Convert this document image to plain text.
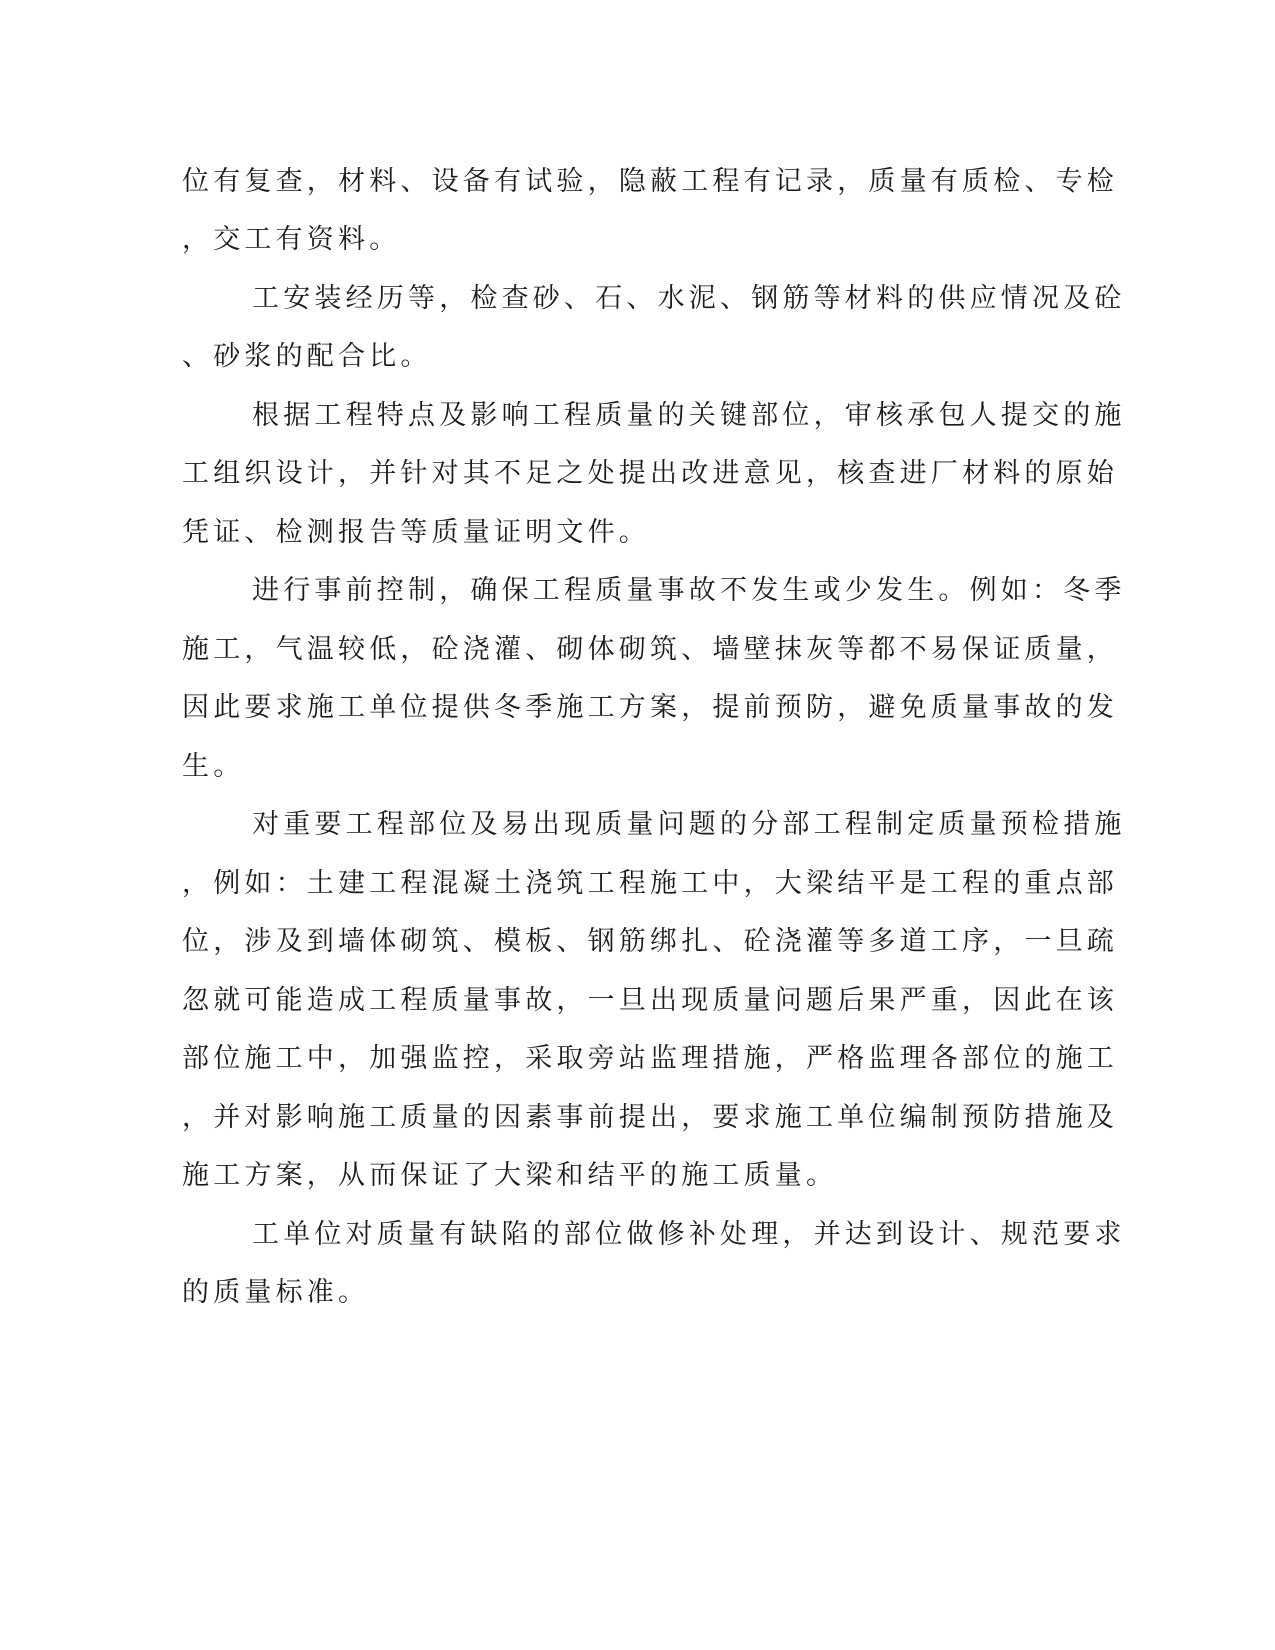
位有复查，材料、设备有试验，隐蔽工程有记录，质量有质检、专检
，交工有资料。
工安装经历等，检查砂、石、水泥、钢筋等材料的供应情况及砼
、砂浆的配合比。
根据工程特点及影响工程质量的关键部位，审核承包人提交的施
工组织设计，并针对其不足之处提出改进意见，核查进厂材料的原始
凭证、检测报告等质量证明文件。
进行事前控制，确保工程质量事故不发生或少发生。例如：冬季
施工，气温较低，砼浇灌、砌体砌筑、墙壁抹灰等都不易保证质量，
因此要求施工单位提供冬季施工方案，提前预防，避免质量事故的发
生。
对重要工程部位及易出现质量问题的分部工程制定质量预检措施
，例如：土建工程混凝土浇筑工程施工中，大梁结平是工程的重点部
位，涉及到墙体砌筑、模板、钢筋绑扎、砼浇灌等多道工序，一旦疏
忽就可能造成工程质量事故，一旦出现质量问题后果严重，因此在该
部位施工中，加强监控，采取旁站监理措施，严格监理各部位的施工
，并对影响施工质量的因素事前提出，要求施工单位编制预防措施及
施工方案，从而保证了大梁和结平的施工质量。
工单位对质量有缺陷的部位做修补处理，并达到设计、规范要求
的质量标准。
